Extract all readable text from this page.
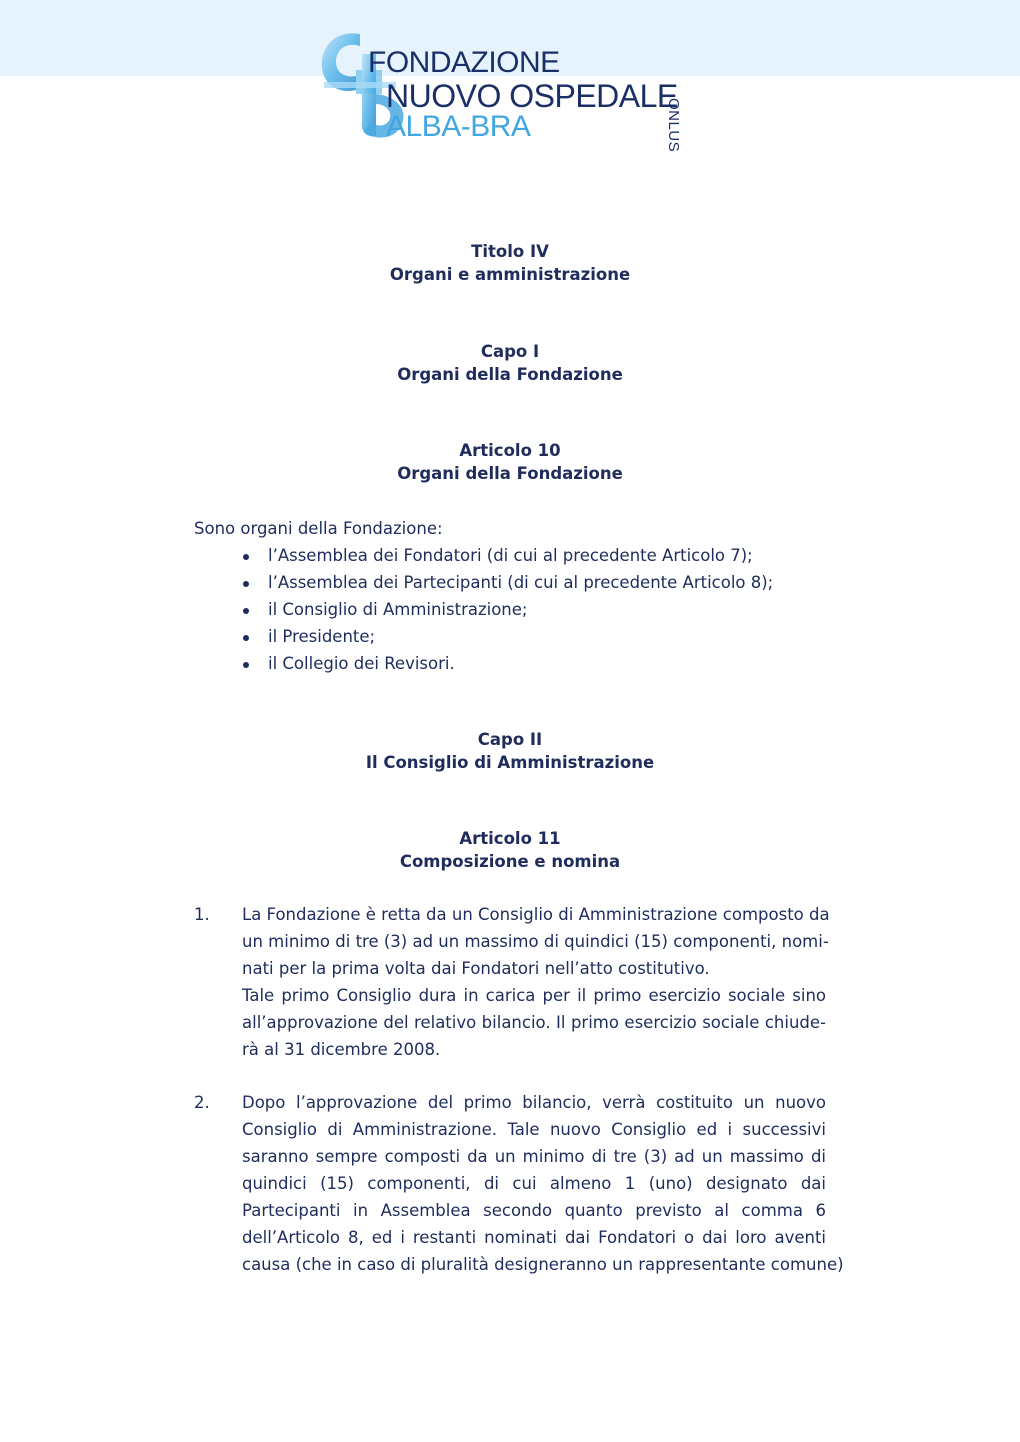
FONDAZIONE
NUOVO OSPEDALE
ALBA-BRA	ONLUS
Titolo IV
Organi e amministrazione
Capo I
Organi della Fondazione
Articolo 10
Organi della Fondazione
Sono organi della Fondazione:
l’Assemblea dei Fondatori (di cui al precedente Articolo 7);
l’Assemblea dei Partecipanti (di cui al precedente Articolo 8);
il Consiglio di Amministrazione;
il Presidente;
il Collegio dei Revisori.
Capo II
Il Consiglio di Amministrazione
Articolo 11
Composizione e nomina
1. La Fondazione è retta da un Consiglio di Amministrazione composto da
un minimo di tre (3) ad un massimo di quindici (15) componenti, nomi-
nati per la prima volta dai Fondatori nell’atto costitutivo.
Tale primo Consiglio dura in carica per il primo esercizio sociale sino
all’approvazione del relativo bilancio. Il primo esercizio sociale chiude-
rà al 31 dicembre 2008.
2. Dopo l’approvazione del primo bilancio, verrà costituito un nuovo
Consiglio di Amministrazione. Tale nuovo Consiglio ed i successivi
saranno sempre composti da un minimo di tre (3) ad un massimo di
quindici (15) componenti, di cui almeno 1 (uno) designato dai
Partecipanti in Assemblea secondo quanto previsto al comma 6
dell’Articolo 8, ed i restanti nominati dai Fondatori o dai loro aventi
causa (che in caso di pluralità designeranno un rappresentante comune)
